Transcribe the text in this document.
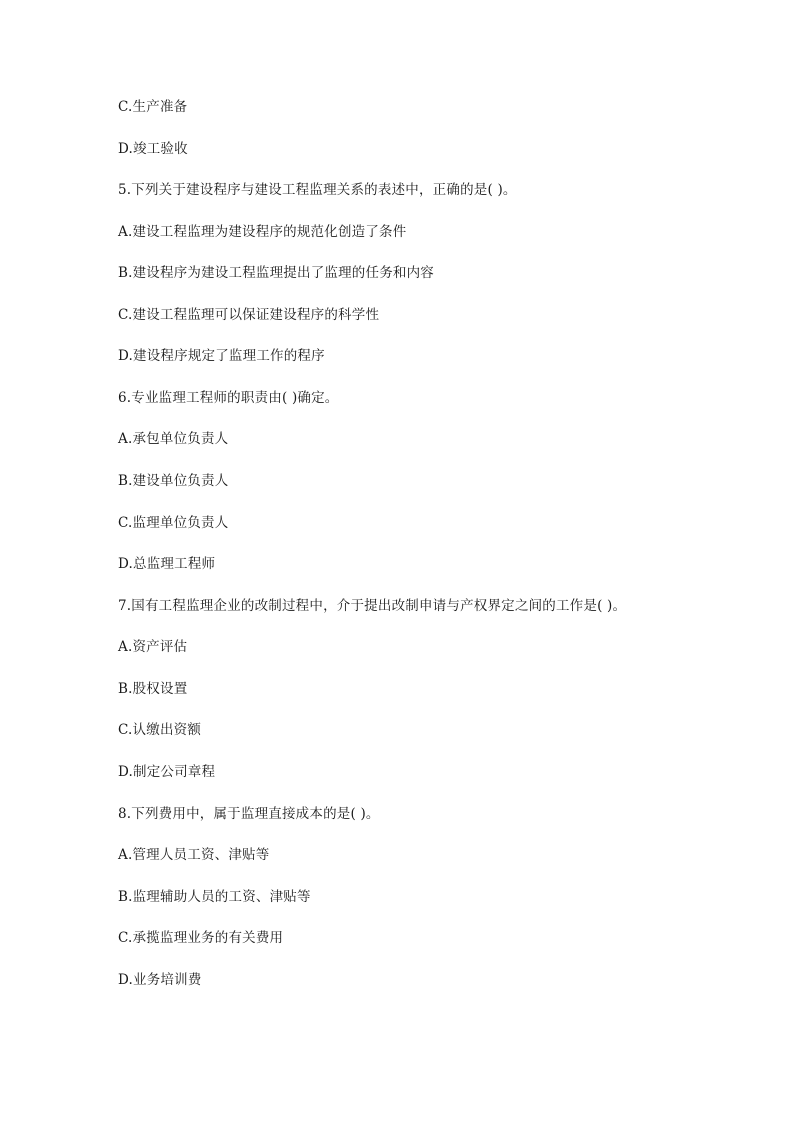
C.生产准备
D.竣工验收
5.下列关于建设程序与建设工程监理关系的表述中，正确的是( )。
A.建设工程监理为建设程序的规范化创造了条件
B.建设程序为建设工程监理提出了监理的任务和内容
C.建设工程监理可以保证建设程序的科学性
D.建设程序规定了监理工作的程序
6.专业监理工程师的职责由( )确定。
A.承包单位负责人
B.建设单位负责人
C.监理单位负责人
D.总监理工程师
7.国有工程监理企业的改制过程中，介于提出改制申请与产权界定之间的工作是( )。
A.资产评估
B.股权设置
C.认缴出资额
D.制定公司章程
8.下列费用中，属于监理直接成本的是( )。
A.管理人员工资、津贴等
B.监理辅助人员的工资、津贴等
C.承揽监理业务的有关费用
D.业务培训费
